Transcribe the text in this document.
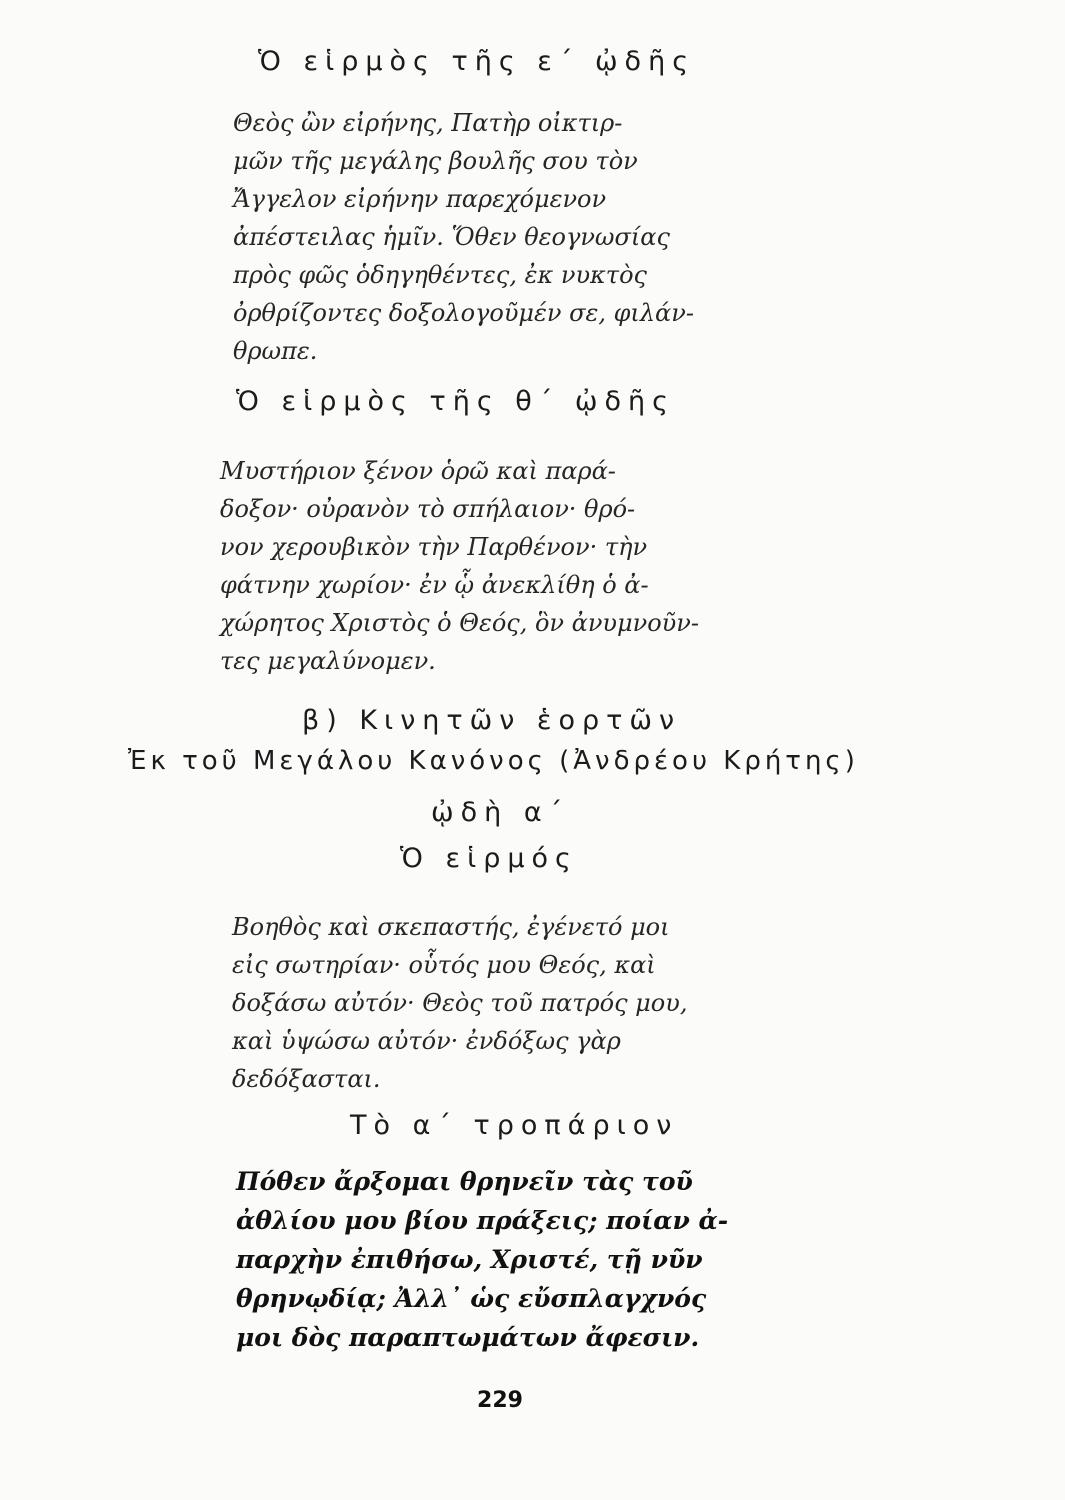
Ὁ εἱρμὸς τῆς ε΄ ᾠδῆς
Θεὸς ὢν εἰρήνης, Πατὴρ οἰκτιρ-
μῶν τῆς μεγάλης βουλῆς σου τὸν
Ἄγγελον εἰρήνην παρεχόμενον
ἀπέστειλας ἡμῖν. Ὅθεν θεογνωσίας
πρὸς φῶς ὁδηγηθέντες, ἐκ νυκτὸς
ὀρθρίζοντες δοξολογοῦμέν σε, φιλάν-
θρωπε.
Ὁ εἱρμὸς τῆς θ΄ ᾠδῆς
Μυστήριον ξένον ὁρῶ καὶ παρά-
δοξον· οὐρανὸν τὸ σπήλαιον· θρό-
νον χερουβικὸν τὴν Παρθένον· τὴν
φάτνην χωρίον· ἐν ᾧ ἀνεκλίθη ὁ ἀ-
χώρητος Χριστὸς ὁ Θεός, ὃν ἀνυμνοῦν-
τες μεγαλύνομεν.
β) Κινητῶν ἑορτῶν
Ἐκ τοῦ Μεγάλου Κανόνος (Ἀνδρέου Κρήτης)
ᾠδὴ α΄
Ὁ εἱρμός
Βοηθὸς καὶ σκεπαστής, ἐγένετό μοι
εἰς σωτηρίαν· οὗτός μου Θεός, καὶ
δοξάσω αὐτόν· Θεὸς τοῦ πατρός μου,
καὶ ὑψώσω αὐτόν· ἐνδόξως γὰρ
δεδόξασται.
Τὸ α΄ τροπάριον
Πόθεν ἄρξομαι θρηνεῖν τὰς τοῦ
ἀθλίου μου βίου πράξεις; ποίαν ἀ-
παρχὴν ἐπιθήσω, Χριστέ, τῇ νῦν
θρηνῳδίᾳ; Ἀλλ᾽ ὡς εὔσπλαγχνός
μοι δὸς παραπτωμάτων ἄφεσιν.
229
